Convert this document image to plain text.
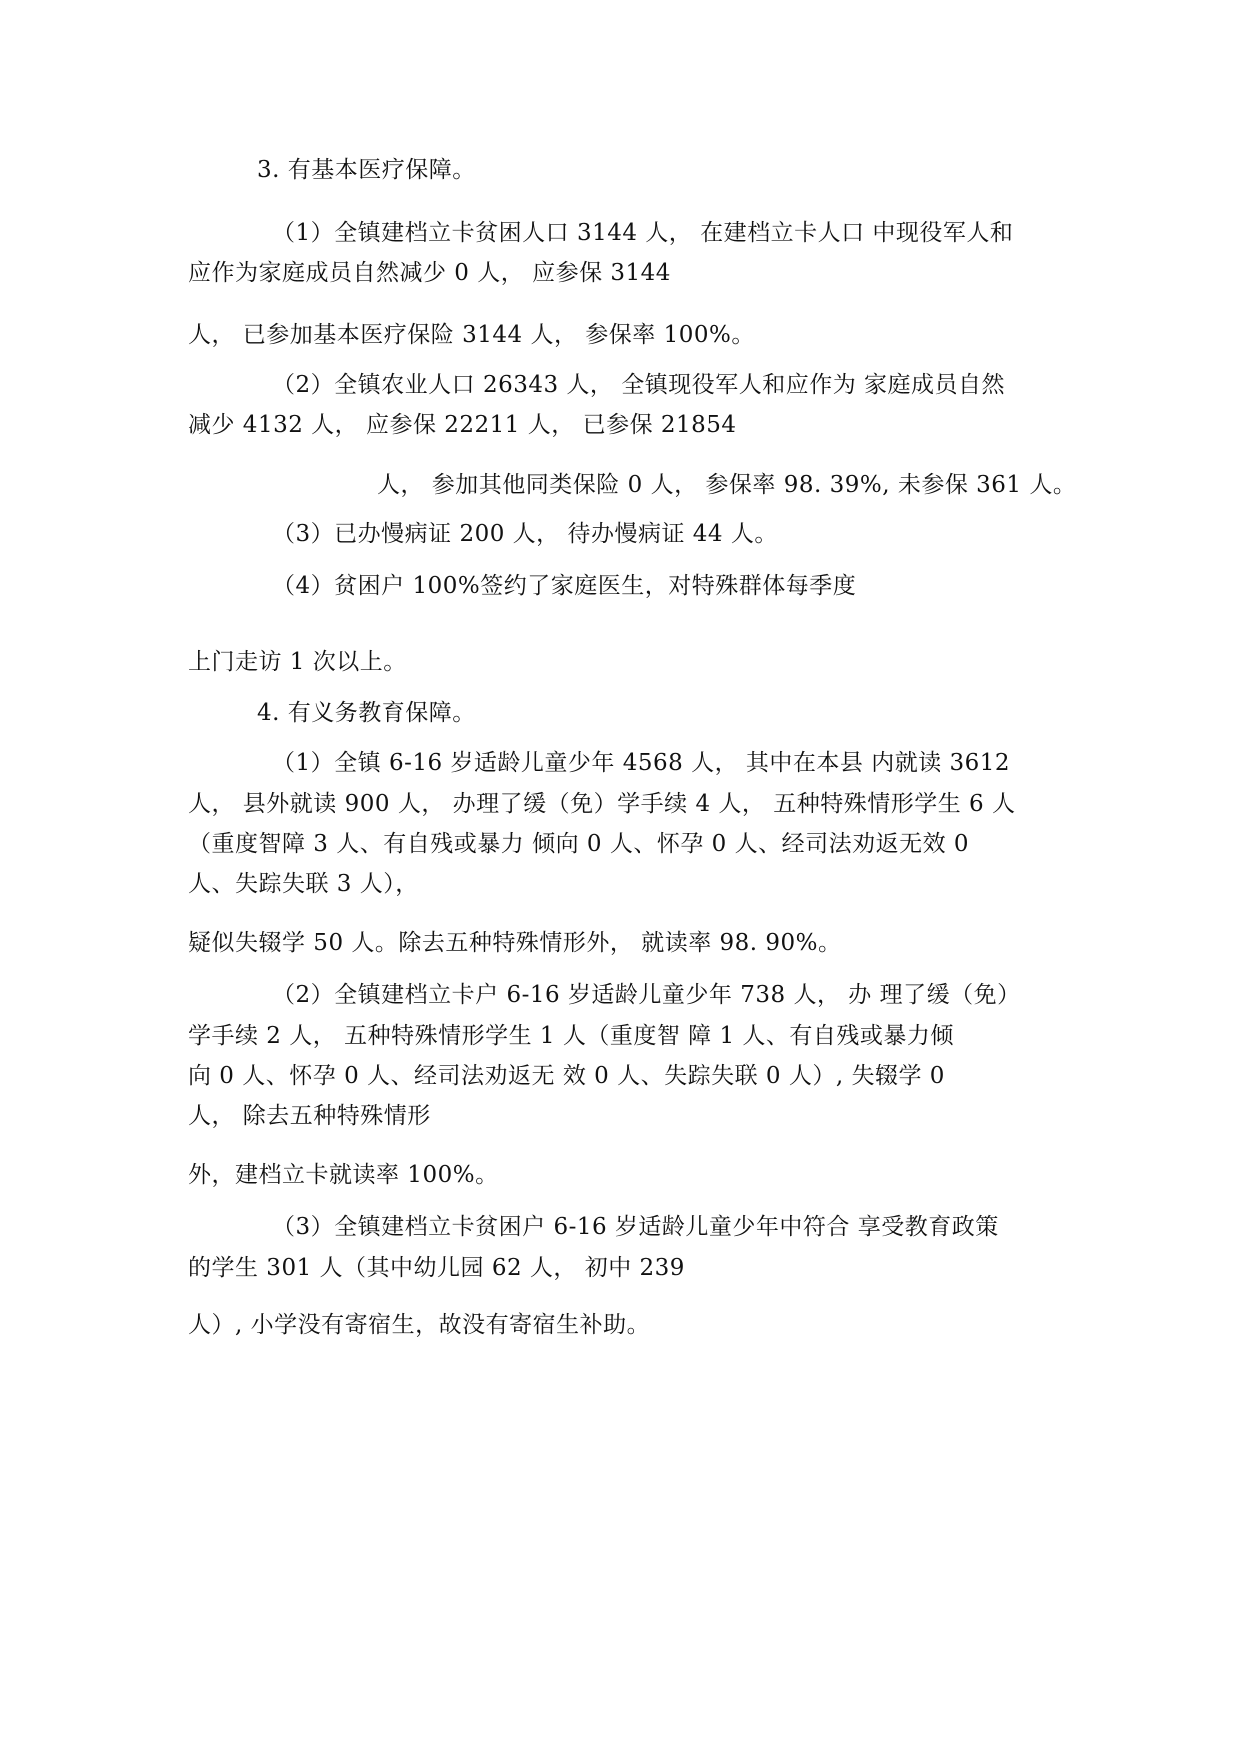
3. 有基本医疗保障。
（1）全镇建档立卡贫困人口 3144 人， 在建档立卡人口 中现役军人和
应作为家庭成员自然减少 0 人， 应参保 3144
人， 已参加基本医疗保险 3144 人， 参保率 100%。
（2）全镇农业人口 26343 人， 全镇现役军人和应作为 家庭成员自然
减少 4132 人， 应参保 22211 人， 已参保 21854
人， 参加其他同类保险 0 人， 参保率 98. 39%, 未参保 361 人。
（3）已办慢病证 200 人， 待办慢病证 44 人。
（4）贫困户 100%签约了家庭医生，对特殊群体每季度
上门走访 1 次以上。
4. 有义务教育保障。
（1）全镇 6-16 岁适龄儿童少年 4568 人， 其中在本县 内就读 3612
人， 县外就读 900 人， 办理了缓（免）学手续 4 人， 五种特殊情形学生 6 人
（重度智障 3 人、有自残或暴力 倾向 0 人、怀孕 0 人、经司法劝返无效 0
人、失踪失联 3 人），
疑似失辍学 50 人。除去五种特殊情形外， 就读率 98. 90%。
（2）全镇建档立卡户 6-16 岁适龄儿童少年 738 人， 办 理了缓（免）
学手续 2 人， 五种特殊情形学生 1 人（重度智 障 1 人、有自残或暴力倾
向 0 人、怀孕 0 人、经司法劝返无 效 0 人、失踪失联 0 人）, 失辍学 0
人， 除去五种特殊情形
外，建档立卡就读率 100%。
（3）全镇建档立卡贫困户 6-16 岁适龄儿童少年中符合 享受教育政策
的学生 301 人（其中幼儿园 62 人， 初中 239
人）, 小学没有寄宿生，故没有寄宿生补助。
